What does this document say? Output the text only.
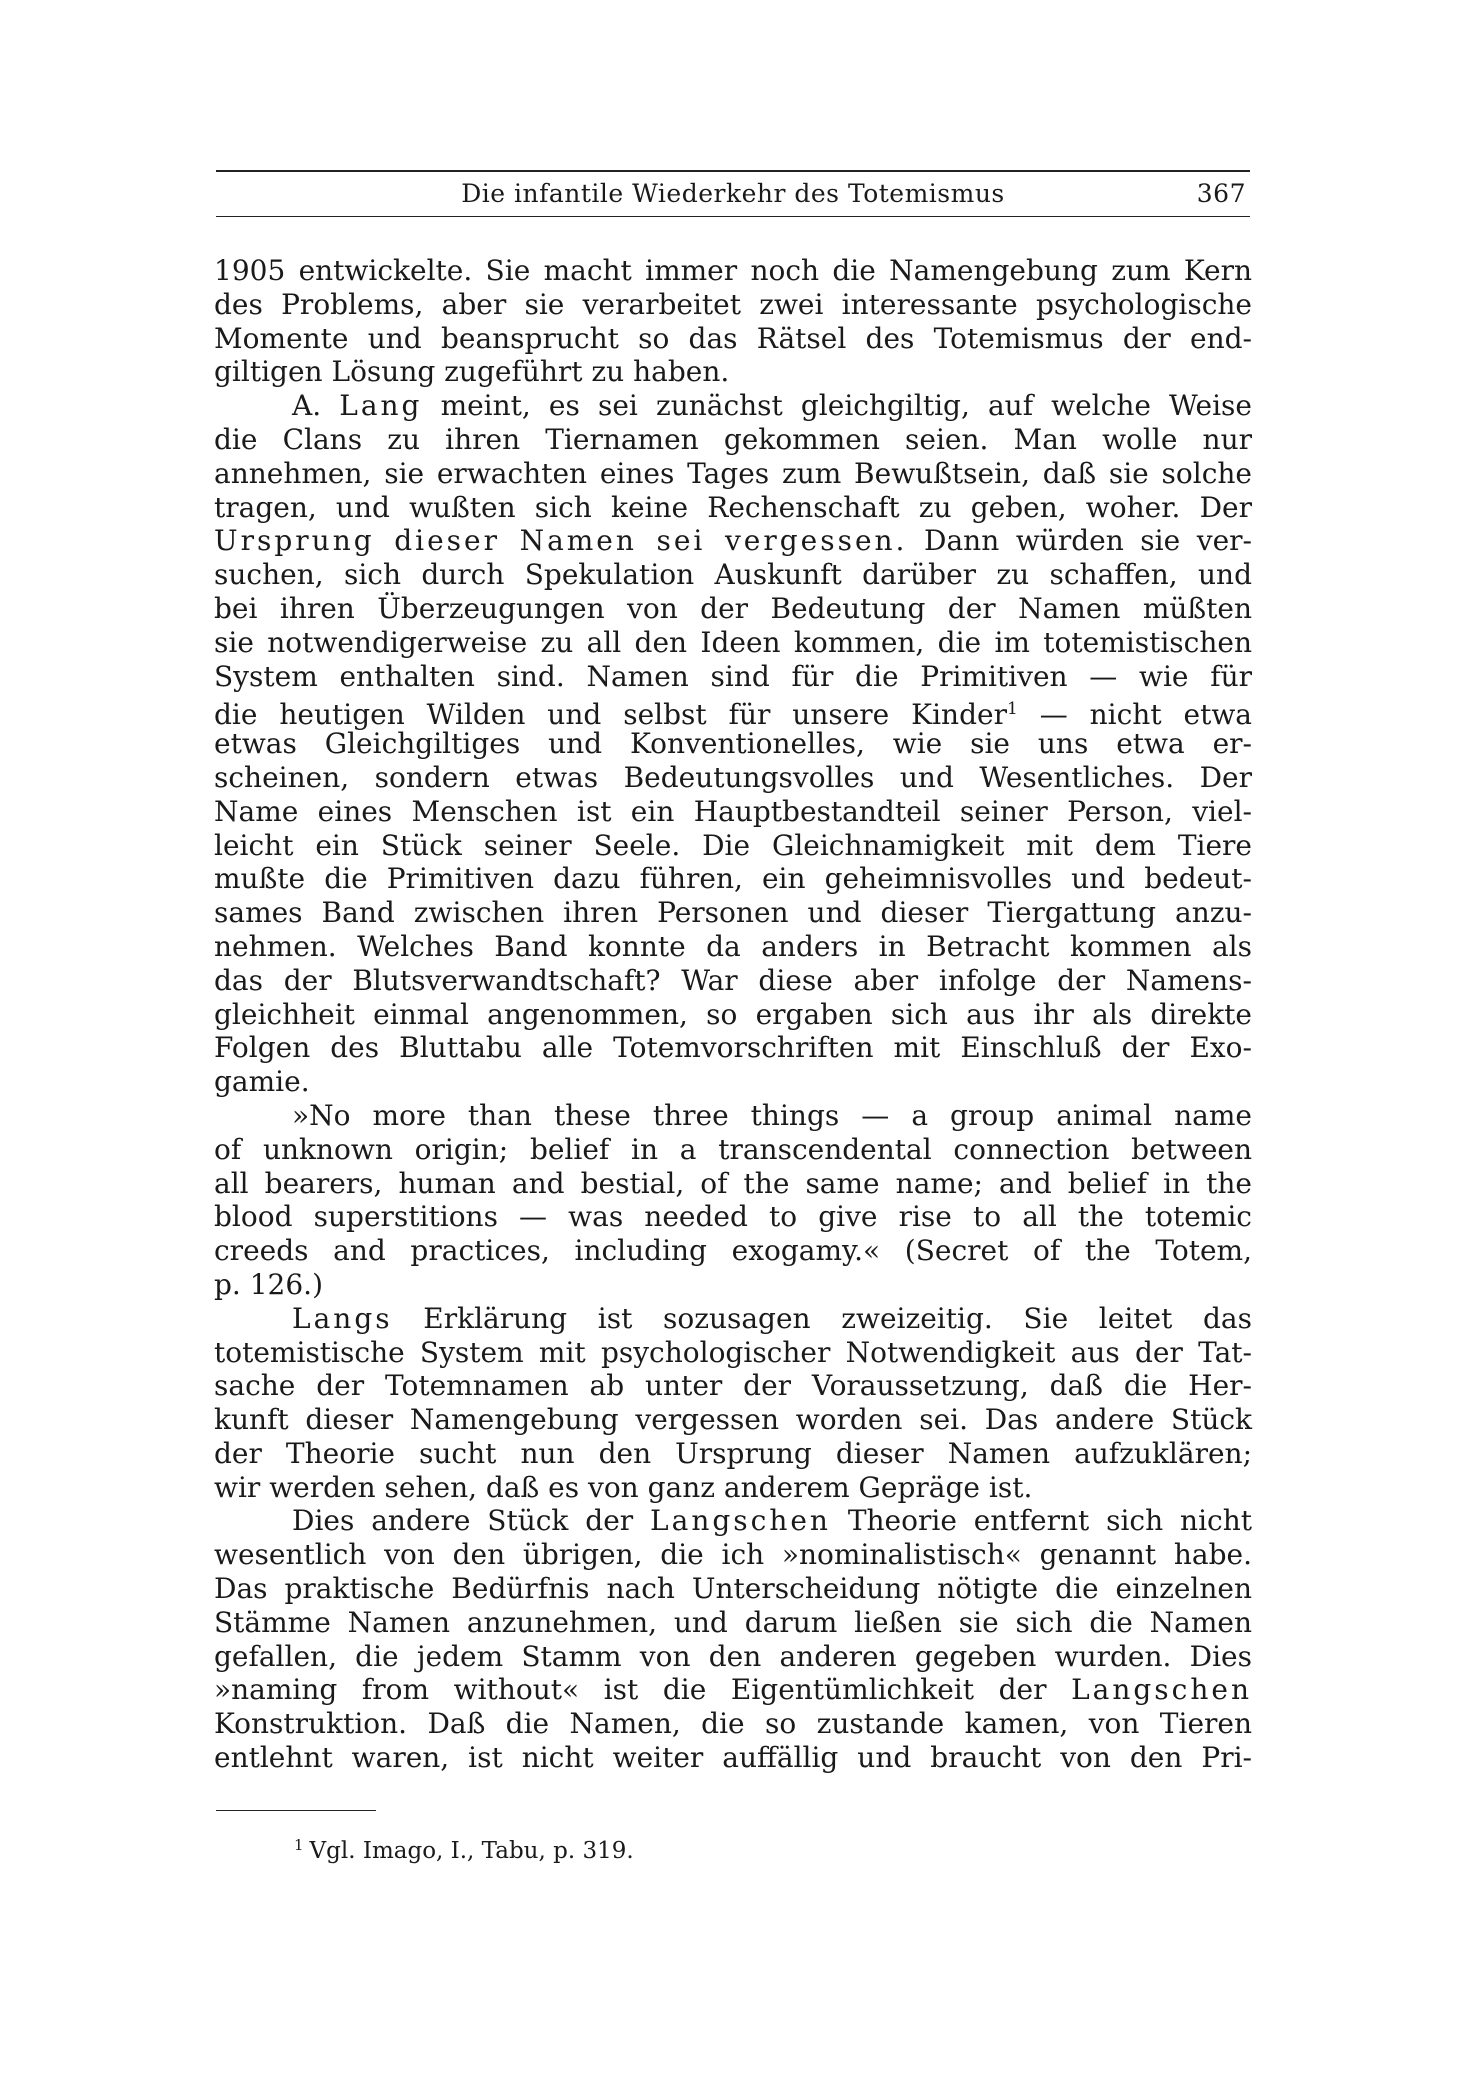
Die infantile Wiederkehr des Totemismus	367
1905 entwickelte. Sie macht immer noch die Namengebung zum Kern
des Problems, aber sie verarbeitet zwei interessante psychologische
Momente und beansprucht so das Rätsel des Totemismus der end-
giltigen Lösung zugeführt zu haben.
A. Lang meint, es sei zunächst gleichgiltig, auf welche Weise
die Clans zu ihren Tiernamen gekommen seien. Man wolle nur
annehmen, sie erwachten eines Tages zum Bewußtsein, daß sie solche
tragen, und wußten sich keine Rechenschaft zu geben, woher. Der
Ursprung dieser Namen sei vergessen. Dann würden sie ver-
suchen, sich durch Spekulation Auskunft darüber zu schaffen, und
bei ihren Überzeugungen von der Bedeutung der Namen müßten
sie notwendigerweise zu all den Ideen kommen, die im totemistischen
System enthalten sind. Namen sind für die Primitiven — wie für
die heutigen Wilden und selbst für unsere Kinder$^1$ — nicht etwa
etwas Gleichgiltiges und Konventionelles, wie sie uns etwa er-
scheinen, sondern etwas Bedeutungsvolles und Wesentliches. Der
Name eines Menschen ist ein Hauptbestandteil seiner Person, viel-
leicht ein Stück seiner Seele. Die Gleichnamigkeit mit dem Tiere
mußte die Primitiven dazu führen, ein geheimnisvolles und bedeut-
sames Band zwischen ihren Personen und dieser Tiergattung anzu-
nehmen. Welches Band konnte da anders in Betracht kommen als
das der Blutsverwandtschaft? War diese aber infolge der Namens-
gleichheit einmal angenommen, so ergaben sich aus ihr als direkte
Folgen des Bluttabu alle Totemvorschriften mit Einschluß der Exo-
gamie.
»No more than these three things — a group animal name
of unknown origin; belief in a transcendental connection between
all bearers, human and bestial, of the same name; and belief in the
blood superstitions — was needed to give rise to all the totemic
creeds and practices, including exogamy.« (Secret of the Totem,
p. 126.)
Langs Erklärung ist sozusagen zweizeitig. Sie leitet das
totemistische System mit psychologischer Notwendigkeit aus der Tat-
sache der Totemnamen ab unter der Voraussetzung, daß die Her-
kunft dieser Namengebung vergessen worden sei. Das andere Stück
der Theorie sucht nun den Ursprung dieser Namen aufzuklären;
wir werden sehen, daß es von ganz anderem Gepräge ist.
Dies andere Stück der Langschen Theorie entfernt sich nicht
wesentlich von den übrigen, die ich »nominalistisch« genannt habe.
Das praktische Bedürfnis nach Unterscheidung nötigte die einzelnen
Stämme Namen anzunehmen, und darum ließen sie sich die Namen
gefallen, die jedem Stamm von den anderen gegeben wurden. Dies
»naming from without« ist die Eigentümlichkeit der Langschen
Konstruktion. Daß die Namen, die so zustande kamen, von Tieren
entlehnt waren, ist nicht weiter auffällig und braucht von den Pri-
$^1$ Vgl. Imago, I., Tabu, p. 319.
